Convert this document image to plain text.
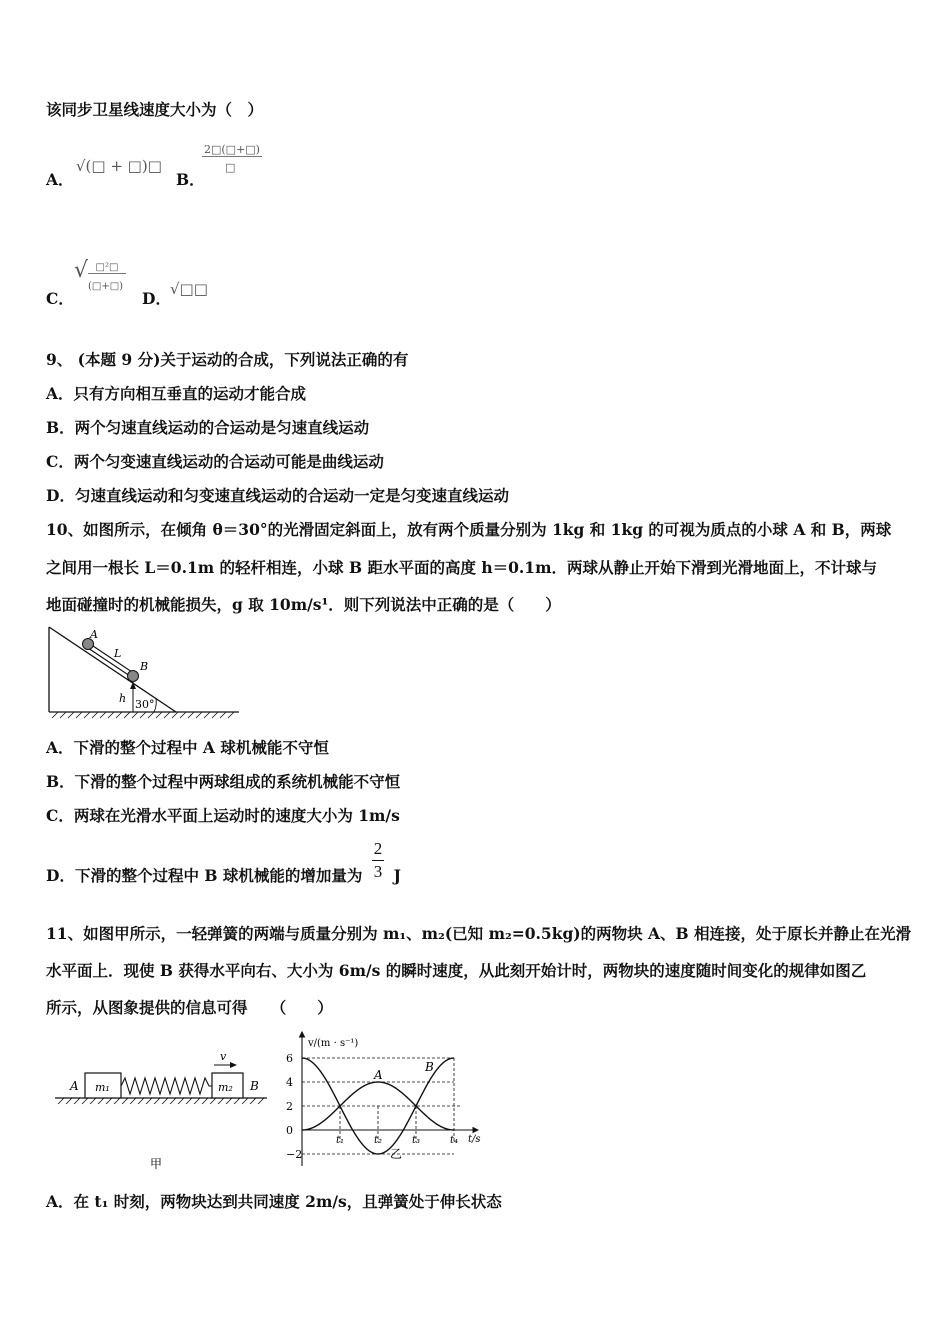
该同步卫星线速度大小为（　）
A．
√(□ + □)□
B．
2□(□+□)
□
C．
√ □²□
(□+□)
D． √□□
9、 (本题 9 分)关于运动的合成，下列说法正确的有
A．只有方向相互垂直的运动才能合成
B．两个匀速直线运动的合运动是匀速直线运动
C．两个匀变速直线运动的合运动可能是曲线运动
D．匀速直线运动和匀变速直线运动的合运动一定是匀变速直线运动
10、如图所示，在倾角 θ＝30°的光滑固定斜面上，放有两个质量分别为 1kg 和 1kg 的可视为质点的小球 A 和 B，两球
之间用一根长 L＝0.1m 的轻杆相连，小球 B 距水平面的高度 h＝0.1m．两球从静止开始下滑到光滑地面上，不计球与
地面碰撞时的机械能损失，g 取 10m/s¹．则下列说法中正确的是（　　）
A
L
B
h 30°
A．下滑的整个过程中 A 球机械能不守恒
B．下滑的整个过程中两球组成的系统机械能不守恒
C．两球在光滑水平面上运动时的速度大小为 1m/s
D．下滑的整个过程中 B 球机械能的增加量为 $\frac{2}{3}$ J
11、如图甲所示，一轻弹簧的两端与质量分别为 m₁、m₂(已知 m₂=0.5kg)的两物块 A、B 相连接，处于原长并静止在光滑
水平面上．现使 B 获得水平向右、大小为 6m/s 的瞬时速度，从此刻开始计时，两物块的速度随时间变化的规律如图乙
所示，从图象提供的信息可得　　（　　）
A m₁	m₂ B
v
甲
A
B
6
4
2
0
−2
t₁	t₂	t₃	t₄
v/(m · s⁻¹)
t/s
乙
A．在 t₁ 时刻，两物块达到共同速度 2m/s，且弹簧处于伸长状态
